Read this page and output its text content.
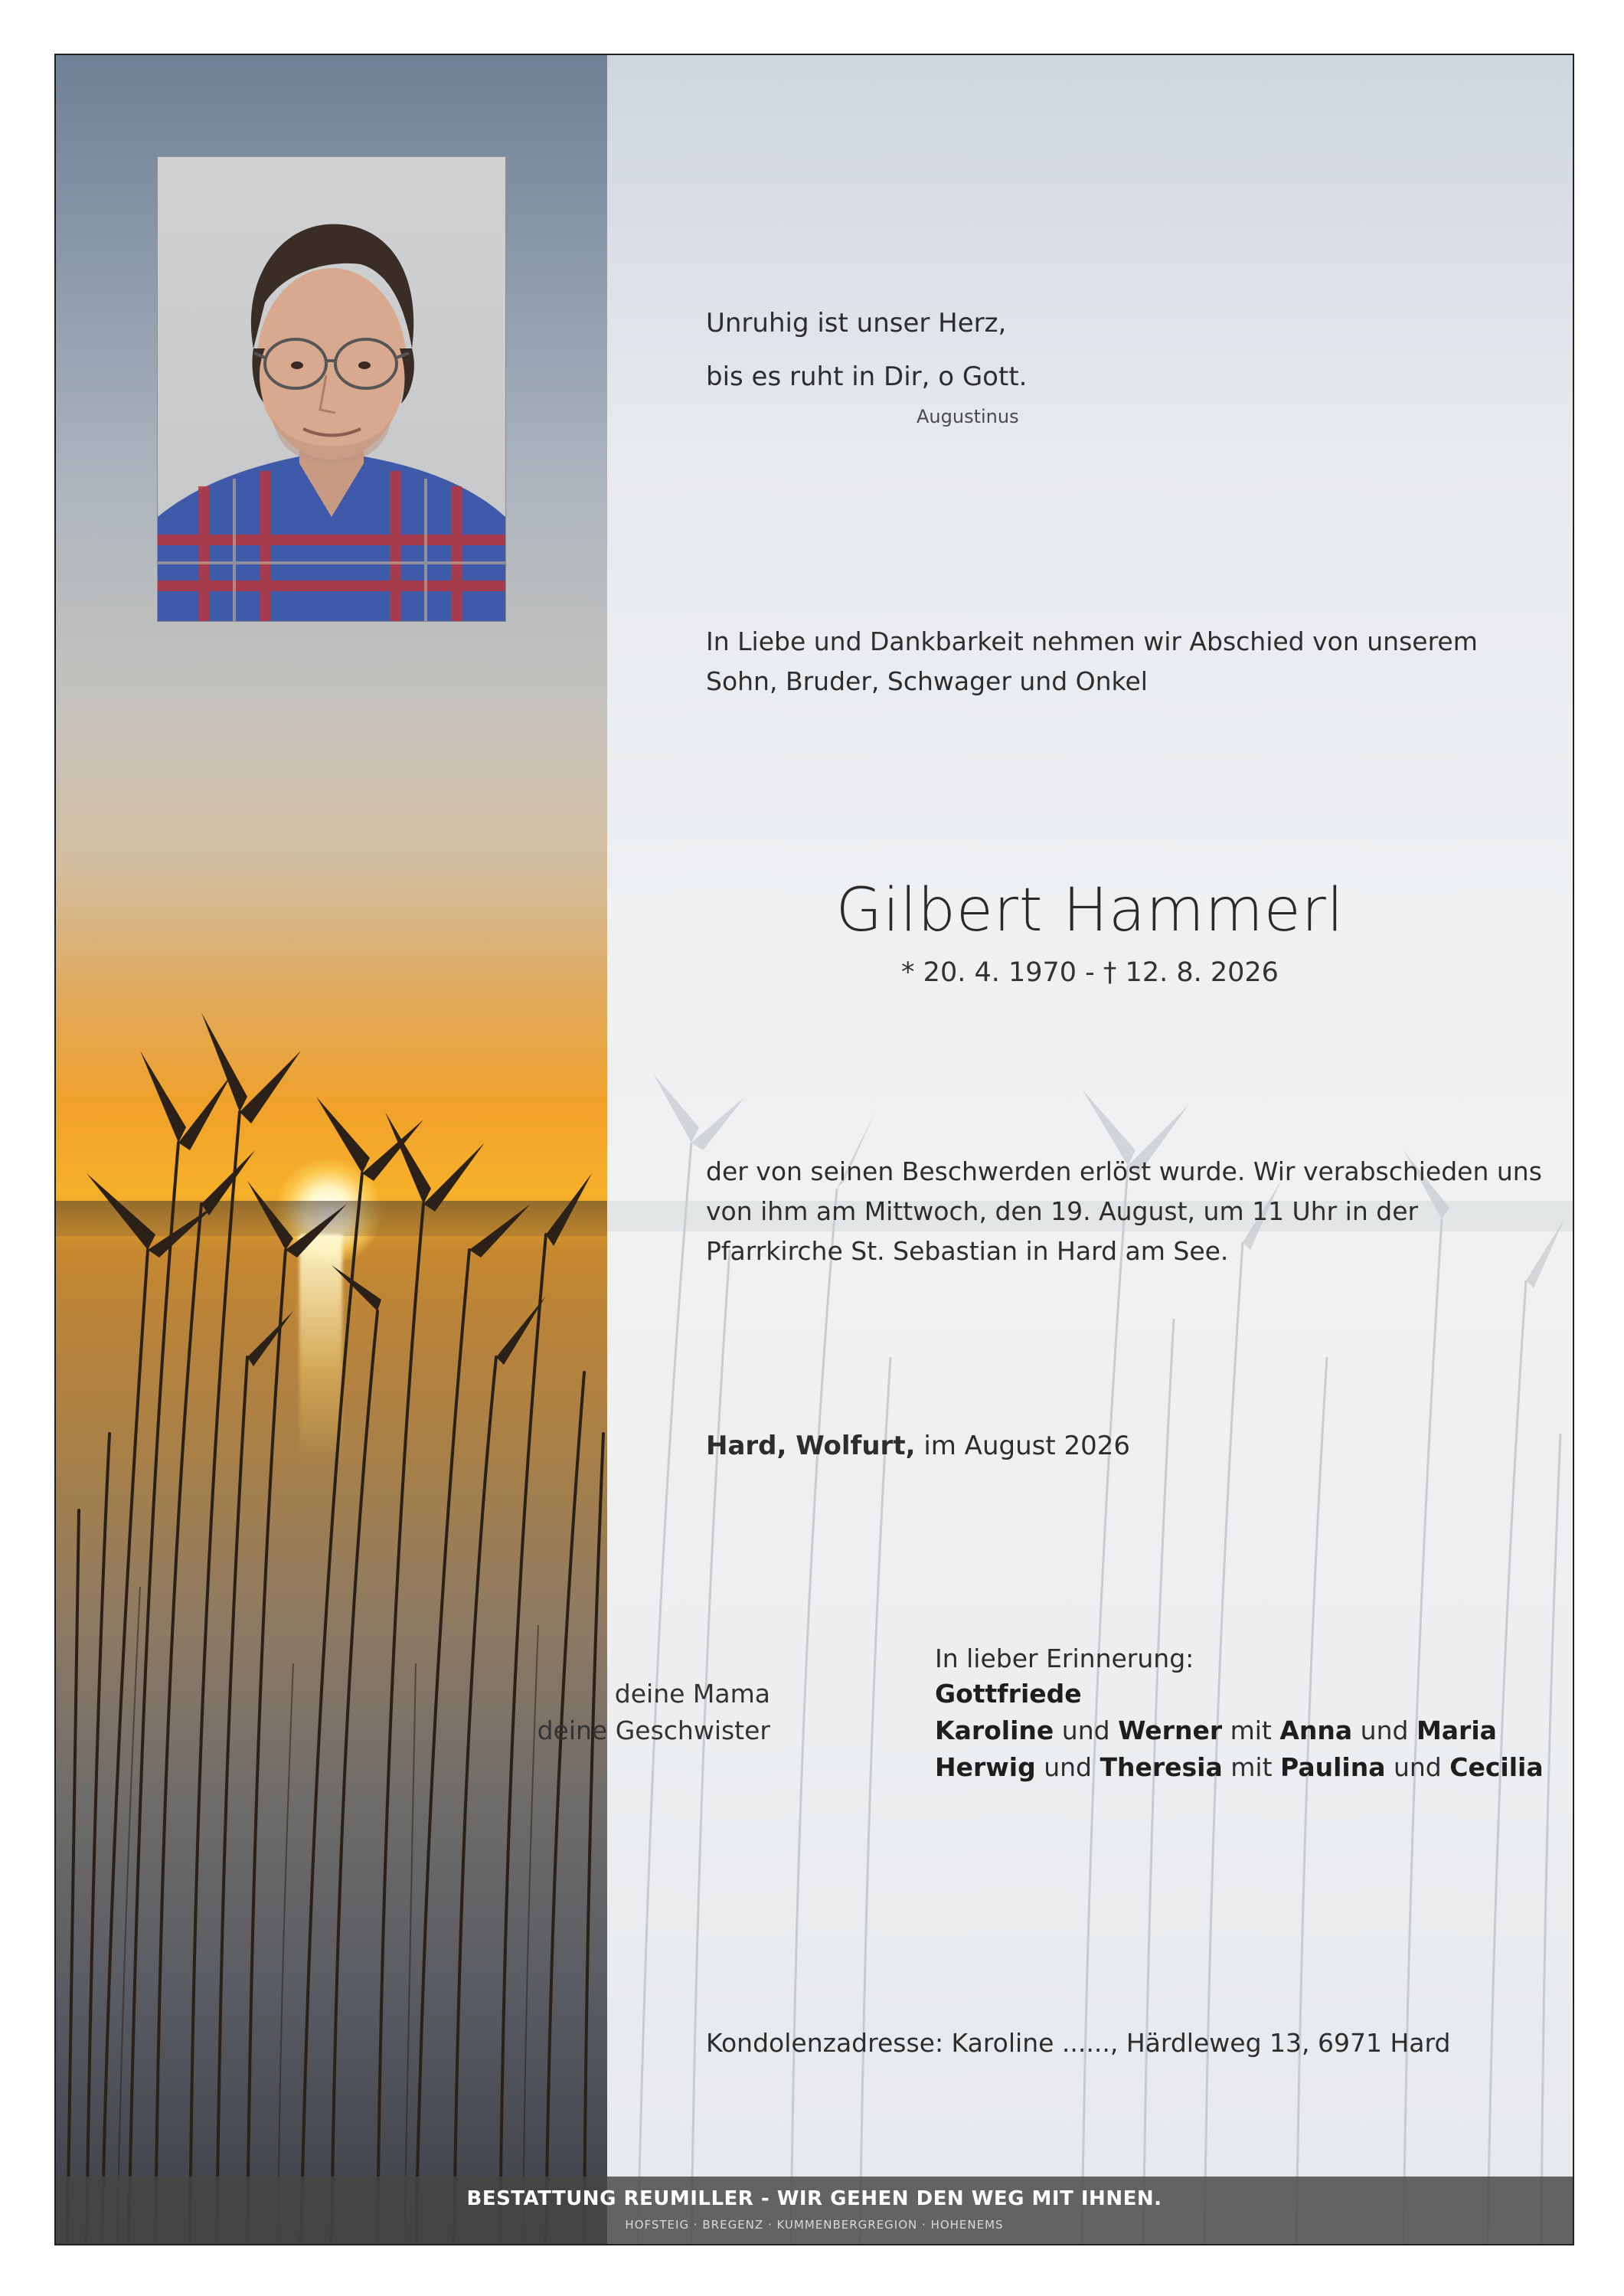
Unruhig ist unser Herz,
bis es ruht in Dir, o Gott.
Augustinus
In Liebe und Dankbarkeit nehmen wir Abschied von unserem Sohn, Bruder, Schwager und Onkel
Gilbert Hammerl
* 20. 4. 1970 - † 12. 8. 2026
der von seinen Beschwerden erlöst wurde. Wir verabschieden uns von ihm am Mittwoch, den 19. August, um 11 Uhr in der Pfarrkirche St. Sebastian in Hard am See.
Hard, Wolfurt, im August 2026
In lieber Erinnerung:
deine Mama	Gottfriede
deine Geschwister	Karoline und Werner mit Anna und Maria
Herwig und Theresia mit Paulina und Cecilia
Kondolenzadresse: Karoline ......, Härdleweg 13, 6971 Hard
BESTATTUNG REUMILLER - WIR GEHEN DEN WEG MIT IHNEN.
HOFSTEIG · BREGENZ · KUMMENBERGREGION · HOHENEMS
